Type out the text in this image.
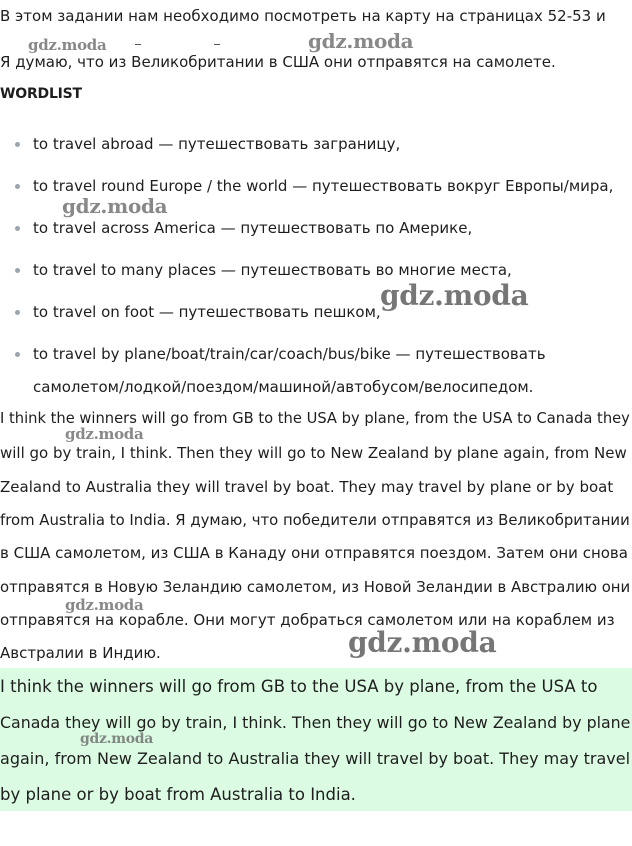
В этом задании нам необходимо посмотреть на карту на страницах 52-53 и
Я думаю, что из Великобритании в США они отправятся на самолете.
WORDLIST
to travel abroad — путешествовать заграницу,
to travel round Europe / the world — путешествовать вокруг Европы/мира,
to travel across America — путешествовать по Америке,
to travel to many places — путешествовать во многие места,
to travel on foot — путешествовать пешком,
to travel by plane/boat/train/car/coach/bus/bike — путешествовать
самолетом/лодкой/поездом/машиной/автобусом/велосипедом.
I think the winners will go from GB to the USA by plane, from the USA to Canada they
will go by train, I think. Then they will go to New Zealand by plane again, from New
Zealand to Australia they will travel by boat. They may travel by plane or by boat
from Australia to India. Я думаю, что победители отправятся из Великобритании
в США самолетом, из США в Канаду они отправятся поездом. Затем они снова
отправятся в Новую Зеландию самолетом, из Новой Зеландии в Австралию они
отправятся на корабле. Они могут добраться самолетом или на кораблем из
Австралии в Индию.
I think the winners will go from GB to the USA by plane, from the USA to
Canada they will go by train, I think. Then they will go to New Zealand by plane
again, from New Zealand to Australia they will travel by boat. They may travel
by plane or by boat from Australia to India.
gdz.moda	gdz.moda
gdz.moda
gdz.moda
gdz.moda
gdz.moda
gdz.moda
gdz.moda
